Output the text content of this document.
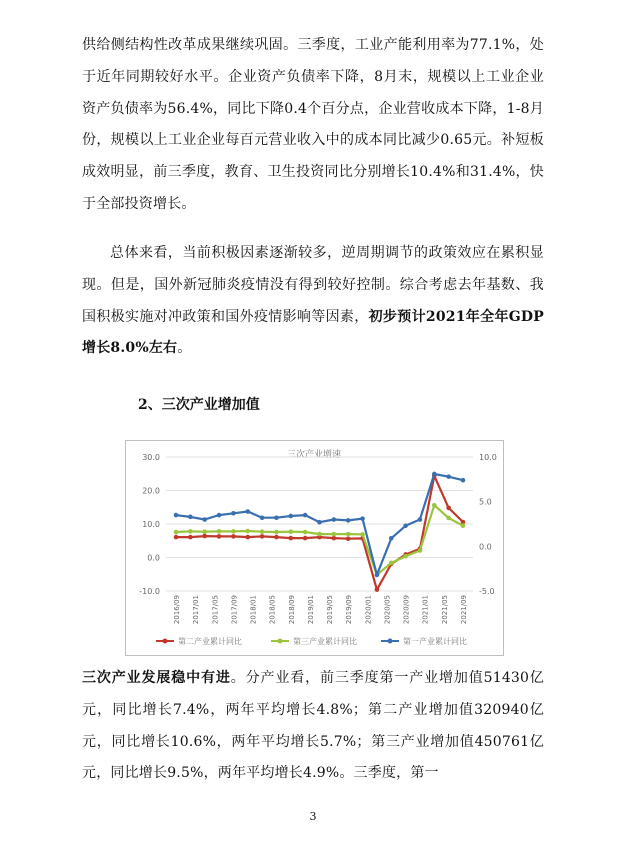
供给侧结构性改革成果继续巩固。三季度，工业产能利用率为77.1%，处于近年同期较好水平。企业资产负债率下降，8月末，规模以上工业企业资产负债率为56.4%，同比下降0.4个百分点，企业营收成本下降，1-8月份，规模以上工业企业每百元营业收入中的成本同比减少0.65元。补短板成效明显，前三季度，教育、卫生投资同比分别增长10.4%和31.4%，快于全部投资增长。

总体来看，当前积极因素逐渐较多，逆周期调节的政策效应在累积显现。但是，国外新冠肺炎疫情没有得到较好控制。综合考虑去年基数、我国积极实施对冲政策和国外疫情影响等因素，初步预计2021年全年GDP增长8.0%左右。

2、三次产业增加值

三次产业增速
30.0
20.0
10.0
0.0
-10.0
10.0
5.0
0.0
-5.0
2016/09 2017/01 2017/05 2017/09 2018/01 2018/05 2018/09 2019/01 2019/05 2019/09 2020/01 2020/05 2020/09 2021/01 2021/05 2021/09
第二产业累计同比	第三产业累计同比	第一产业累计同比

三次产业发展稳中有进。分产业看，前三季度第一产业增加值51430亿元，同比增长7.4%，两年平均增长4.8%；第二产业增加值320940亿元，同比增长10.6%，两年平均增长5.7%；第三产业增加值450761亿元，同比增长9.5%，两年平均增长4.9%。三季度，第一

3
